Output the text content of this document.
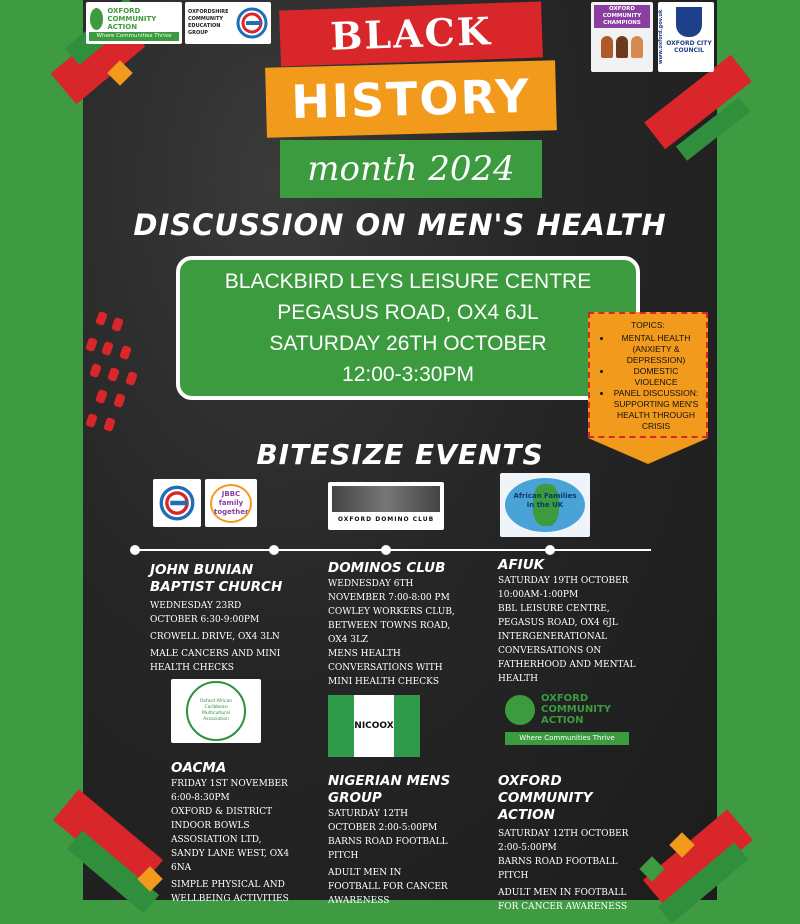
OXFORD COMMUNITY ACTION
Where Communities Thrive
OXFORDSHIRE COMMUNITY EDUCATION GROUP
OXFORD COMMUNITY CHAMPIONS	www.oxford.gov.uk OXFORD CITY COUNCIL
BLACK
HISTORY
month 2024
DISCUSSION ON MEN'S HEALTH
BLACKBIRD LEYS LEISURE CENTRE
PEGASUS ROAD, OX4 6JL
SATURDAY 26TH OCTOBER
12:00-3:30PM
TOPICS:
• MENTAL HEALTH (ANXIETY & DEPRESSION)
• DOMESTIC VIOLENCE
• PANEL DISCUSSION: SUPPORTING MEN'S HEALTH THROUGH CRISIS
BITESIZE EVENTS
JBBC family together
OXFORD DOMINO CLUB
African Families in the UK
JOHN BUNIAN BAPTIST CHURCH

WEDNESDAY 23RD OCTOBER 6:30-9:00PM

CROWELL DRIVE, OX4 3LN

MALE CANCERS AND MINI HEALTH CHECKS

DOMINOS CLUB

WEDNESDAY 6TH NOVEMBER 7:00-8:00 PM

COWLEY WORKERS CLUB, BETWEEN TOWNS ROAD, OX4 3LZ

MENS HEALTH CONVERSATIONS WITH MINI HEALTH CHECKS

AFIUK

SATURDAY 19TH OCTOBER 10:00AM-1:00PM

BBL LEISURE CENTRE, PEGASUS ROAD, OX4 6JL

INTERGENERATIONAL CONVERSATIONS ON FATHERHOOD AND MENTAL HEALTH

Oxford African Caribbean Multicultural Association
NICOOX
OXFORD COMMUNITY ACTION
Where Communities Thrive
OACMA

FRIDAY 1ST NOVEMBER 6:00-8:30PM

OXFORD & DISTRICT INDOOR BOWLS ASSOSIATION LTD, SANDY LANE WEST, OX4 6NA

SIMPLE PHYSICAL AND WELLBEING ACTIVITIES

NIGERIAN MENS GROUP

SATURDAY 12TH OCTOBER 2:00-5:00PM

BARNS ROAD FOOTBALL PITCH

ADULT MEN IN FOOTBALL FOR CANCER AWARENESS

OXFORD COMMUNITY ACTION

SATURDAY 12TH OCTOBER 2:00-5:00PM

BARNS ROAD FOOTBALL PITCH

ADULT MEN IN FOOTBALL FOR CANCER AWARENESS
